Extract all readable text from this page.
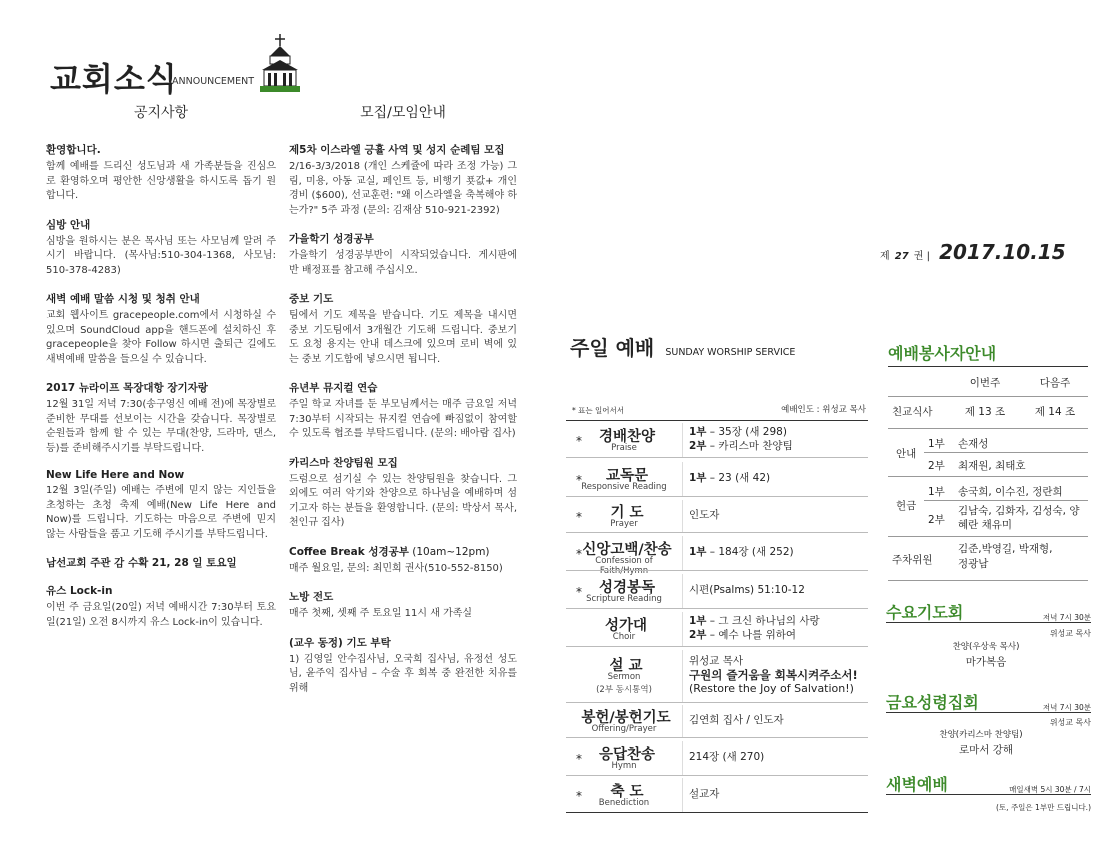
교회소식
ANNOUNCEMENT
공지사항
환영합니다.
함께 예배를 드리신 성도님과 새 가족분들을 진심으로 환영하오며 평안한 신앙생활을 하시도록 돕기 원합니다.
심방 안내
심방을 원하시는 분은 목사님 또는 사모님께 알려 주시기 바랍니다. (목사님:510-304-1368, 사모님: 510-378-4283)
새벽 예배 말씀 시청 및 청취 안내
교회 웹사이트 gracepeople.com에서 시청하실 수 있으며 SoundCloud app을 핸드폰에 설치하신 후 gracepeople을 찾아 Follow 하시면 출퇴근 길에도 새벽예배 말씀을 들으실 수 있습니다.
2017 뉴라이프 목장대항 장기자랑
12월 31일 저녁 7:30(송구영신 예배 전)에 목장별로 준비한 무대를 선보이는 시간을 갖습니다. 목장별로 순원들과 함께 할 수 있는 무대(찬양, 드라마, 댄스, 등)를 준비해주시기를 부탁드립니다.
New Life Here and Now
12월 3일(주일) 예배는 주변에 믿지 않는 지인들을 초청하는 초청 축제 예배(New Life Here and Now)를 드립니다. 기도하는 마음으로 주변에 믿지 않는 사람들을 품고 기도해 주시기를 부탁드립니다.
남선교회 주관 감 수확 21, 28 일 토요일
유스 Lock-in
이번 주 금요일(20일) 저녁 예배시간 7:30부터 토요일(21일) 오전 8시까지 유스 Lock-in이 있습니다.
모집/모임안내
제5차 이스라엘 긍휼 사역 및 성지 순례팀 모집
2/16-3/3/2018 (개인 스케쥴에 따라 조정 가능) 그림, 미용, 아동 교실, 페인트 등, 비행기 푯값+ 개인 경비 ($600), 선교훈련: "왜 이스라엘을 축복해야 하는가?" 5주 과정 (문의: 김재삼 510-921-2392)
가을학기 성경공부
가을학기 성경공부반이 시작되었습니다. 게시판에 반 배정표를 참고해 주십시오.
중보 기도
팀에서 기도 제목을 받습니다. 기도 제목을 내시면 중보 기도팀에서 3개월간 기도해 드립니다. 중보기도 요청 용지는 안내 데스크에 있으며 로비 벽에 있는 중보 기도함에 넣으시면 됩니다.
유년부 뮤지컬 연습
주일 학교 자녀를 둔 부모님께서는 매주 금요일 저녁 7:30부터 시작되는 뮤지컬 연습에 빠짐없이 참여할 수 있도록 협조를 부탁드립니다. (문의: 배아람 집사)
카리스마 찬양팀원 모집
드럼으로 섬기실 수 있는 찬양팀원을 찾습니다. 그 외에도 여러 악기와 찬양으로 하나님을 예배하며 섬기고자 하는 분들을 환영합니다. (문의: 박상서 목사, 천인규 집사)
Coffee Break 성경공부 (10am~12pm)
매주 월요일, 문의: 최민희 권사(510-552-8150)
노방 전도
매주 첫째, 셋째 주 토요일 11시 새 가족실
(교우 동정) 기도 부탁
1) 김영일 안수집사님, 오국희 집사님, 유정선 성도님, 윤주익 집사님 – 수술 후 회복 중 완전한 치유를 위해
제 27 권 | 2017.10.15
주일 예배 SUNDAY WORSHIP SERVICE
* 표는 일어서서	예배인도 : 위성교 목사
*	경배찬양
Praise
1부 – 35장 (새 298)
2부 – 카리스마 찬양팀
*	교독문
Responsive Reading
1부 – 23 (새 42)
*	기 도
Prayer
인도자
* 신앙고백/찬송
Confession of Faith/Hymn
1부 – 184장 (새 252)
*	성경봉독
Scripture Reading
시편(Psalms) 51:10-12
성가대
Choir
1부 – 그 크신 하나님의 사랑
2부 – 예수 나를 위하여
설 교
Sermon
(2부 동시통역)
위성교 목사
구원의 즐거움을 회복시켜주소서!
(Restore the Joy of Salvation!)
봉헌/봉헌기도
Offering/Prayer
김연희 집사 / 인도자
*	응답찬송
Hymn
214장 (새 270)
*	축 도
Benediction
설교자
예배봉사자안내
이번주	다음주
친교식사	제 13 조	제 14 조
안내
1부 손재성
2부 최재원, 최태호
헌금
1부 송국희, 이수진, 정란희
2부
김남숙, 김화자, 김성숙, 양혜란 채유미
주차위원
김준,박영길, 박재형,정광남
수요기도회	저녁 7시 30분
위성교 목사
찬양(우상욱 목사)
마가복음
금요성령집회	저녁 7시 30분
위성교 목사
찬양(카리스마 찬양팀)
로마서 강해
새벽예배	매일새벽 5시 30분 / 7시
(토, 주일은 1부만 드립니다.)
